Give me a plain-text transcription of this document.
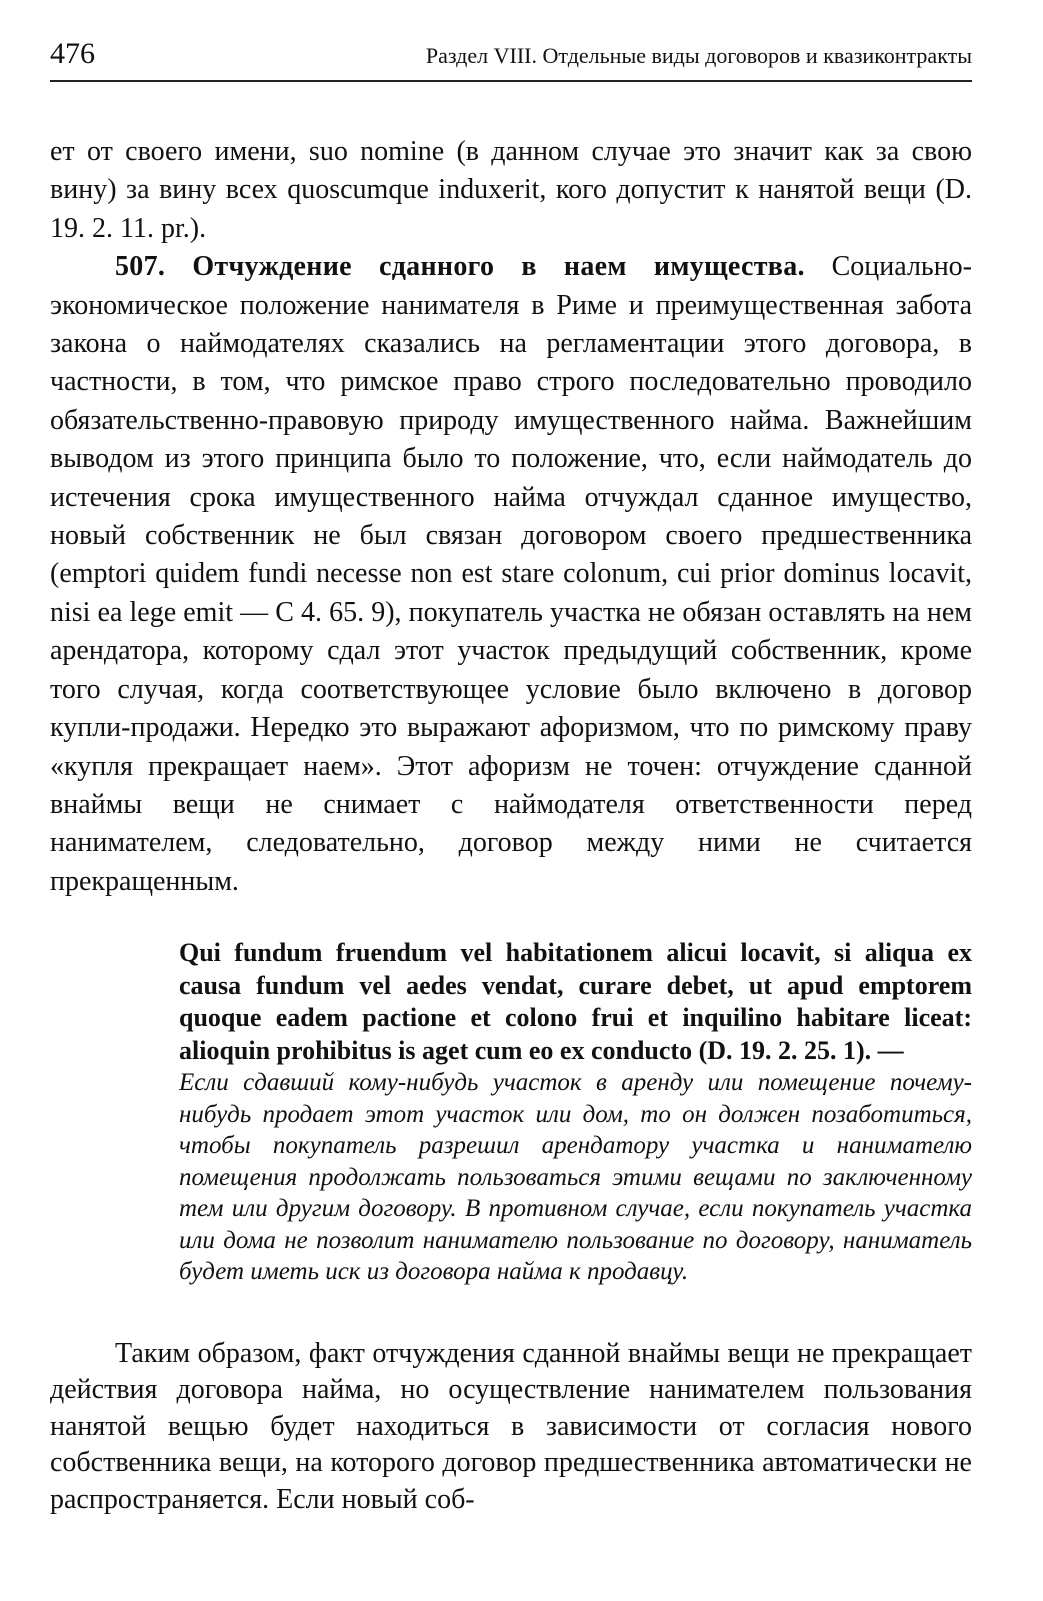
476	Раздел VIII. Отдельные виды договоров и квазиконтракты

ет от своего имени, suo nomine (в данном случае это значит как за свою вину) за вину всех quoscumque induxerit, кого допустит к нанятой вещи (D. 19. 2. 11. pr.).

507. Отчуждение сданного в наем имущества. Социально-экономическое положение нанимателя в Риме и преимущественная забота закона о наймодателях сказались на регламентации этого договора, в частности, в том, что римское право строго последовательно проводило обязательственно-правовую природу имущественного найма. Важнейшим выводом из этого принципа было то положение, что, если наймодатель до истечения срока имущественного найма отчуждал сданное имущество, новый собственник не был связан договором своего предшественника (emptori quidem fundi necesse non est stare colonum, cui prior dominus locavit, nisi ea lege emit — C 4. 65. 9), покупатель участка не обязан оставлять на нем арендатора, которому сдал этот участок предыдущий собственник, кроме того случая, когда соответствующее условие было включено в договор купли-продажи. Нередко это выражают афоризмом, что по римскому праву «купля прекращает наем». Этот афоризм не точен: отчуждение сданной внаймы вещи не снимает с наймодателя ответственности перед нанимателем, следовательно, договор между ними не считается прекращенным.

Qui fundum fruendum vel habitationem alicui locavit, si aliqua ex causa fundum vel aedes vendat, curare debet, ut apud emptorem quoque eadem pactione et colono frui et inquilino habitare liceat: alioquin prohibitus is aget cum eo ex conducto (D. 19. 2. 25. 1). —

Если сдавший кому-нибудь участок в аренду или помещение почему-нибудь продает этот участок или дом, то он должен позаботиться, чтобы покупатель разрешил арендатору участка и нанимателю помещения продолжать пользоваться этими вещами по заключенному тем или другим договору. В противном случае, если покупатель участка или дома не позволит нанимателю пользование по договору, наниматель будет иметь иск из договора найма к продавцу.

Таким образом, факт отчуждения сданной внаймы вещи не прекращает действия договора найма, но осуществление нанимателем пользования нанятой вещью будет находиться в зависимости от согласия нового собственника вещи, на которого договор предшественника автоматически не распространяется. Если новый соб-
